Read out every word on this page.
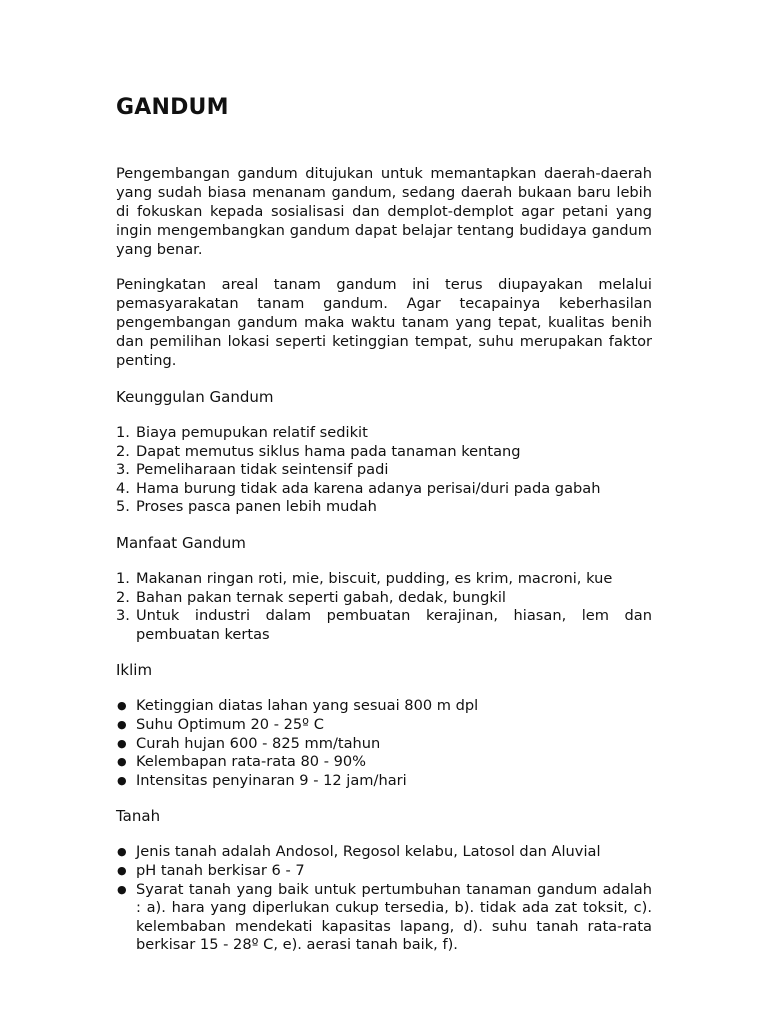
GANDUM

Pengembangan gandum ditujukan untuk memantapkan daerah-daerah yang sudah biasa menanam gandum, sedang daerah bukaan baru lebih di fokuskan kepada sosialisasi dan demplot-demplot agar petani yang ingin mengembangkan gandum dapat belajar tentang budidaya gandum yang benar.

Peningkatan areal tanam gandum ini terus diupayakan melalui pemasyarakatan tanam gandum. Agar tecapainya keberhasilan pengembangan gandum maka waktu tanam yang tepat, kualitas benih dan pemilihan lokasi seperti ketinggian tempat, suhu merupakan faktor penting.

Keunggulan Gandum
1. Biaya pemupukan relatif sedikit
2. Dapat memutus siklus hama pada tanaman kentang
3. Pemeliharaan tidak seintensif padi
4. Hama burung tidak ada karena adanya perisai/duri pada gabah
5. Proses pasca panen lebih mudah
Manfaat Gandum
1. Makanan ringan roti, mie, biscuit, pudding, es krim, macroni, kue
2. Bahan pakan ternak seperti gabah, dedak, bungkil
3. Untuk industri dalam pembuatan kerajinan, hiasan, lem dan pembuatan kertas
Iklim
● Ketinggian diatas lahan yang sesuai 800 m dpl
● Suhu Optimum 20 - 25º C
● Curah hujan 600 - 825 mm/tahun
● Kelembapan rata-rata 80 - 90%
● Intensitas penyinaran 9 - 12 jam/hari
Tanah
● Jenis tanah adalah Andosol, Regosol kelabu, Latosol dan Aluvial
● pH tanah berkisar 6 - 7
● Syarat tanah yang baik untuk pertumbuhan tanaman gandum adalah : a). hara yang diperlukan cukup tersedia, b). tidak ada zat toksit, c). kelembaban mendekati kapasitas lapang, d). suhu tanah rata-rata berkisar 15 - 28º C, e). aerasi tanah baik, f).
